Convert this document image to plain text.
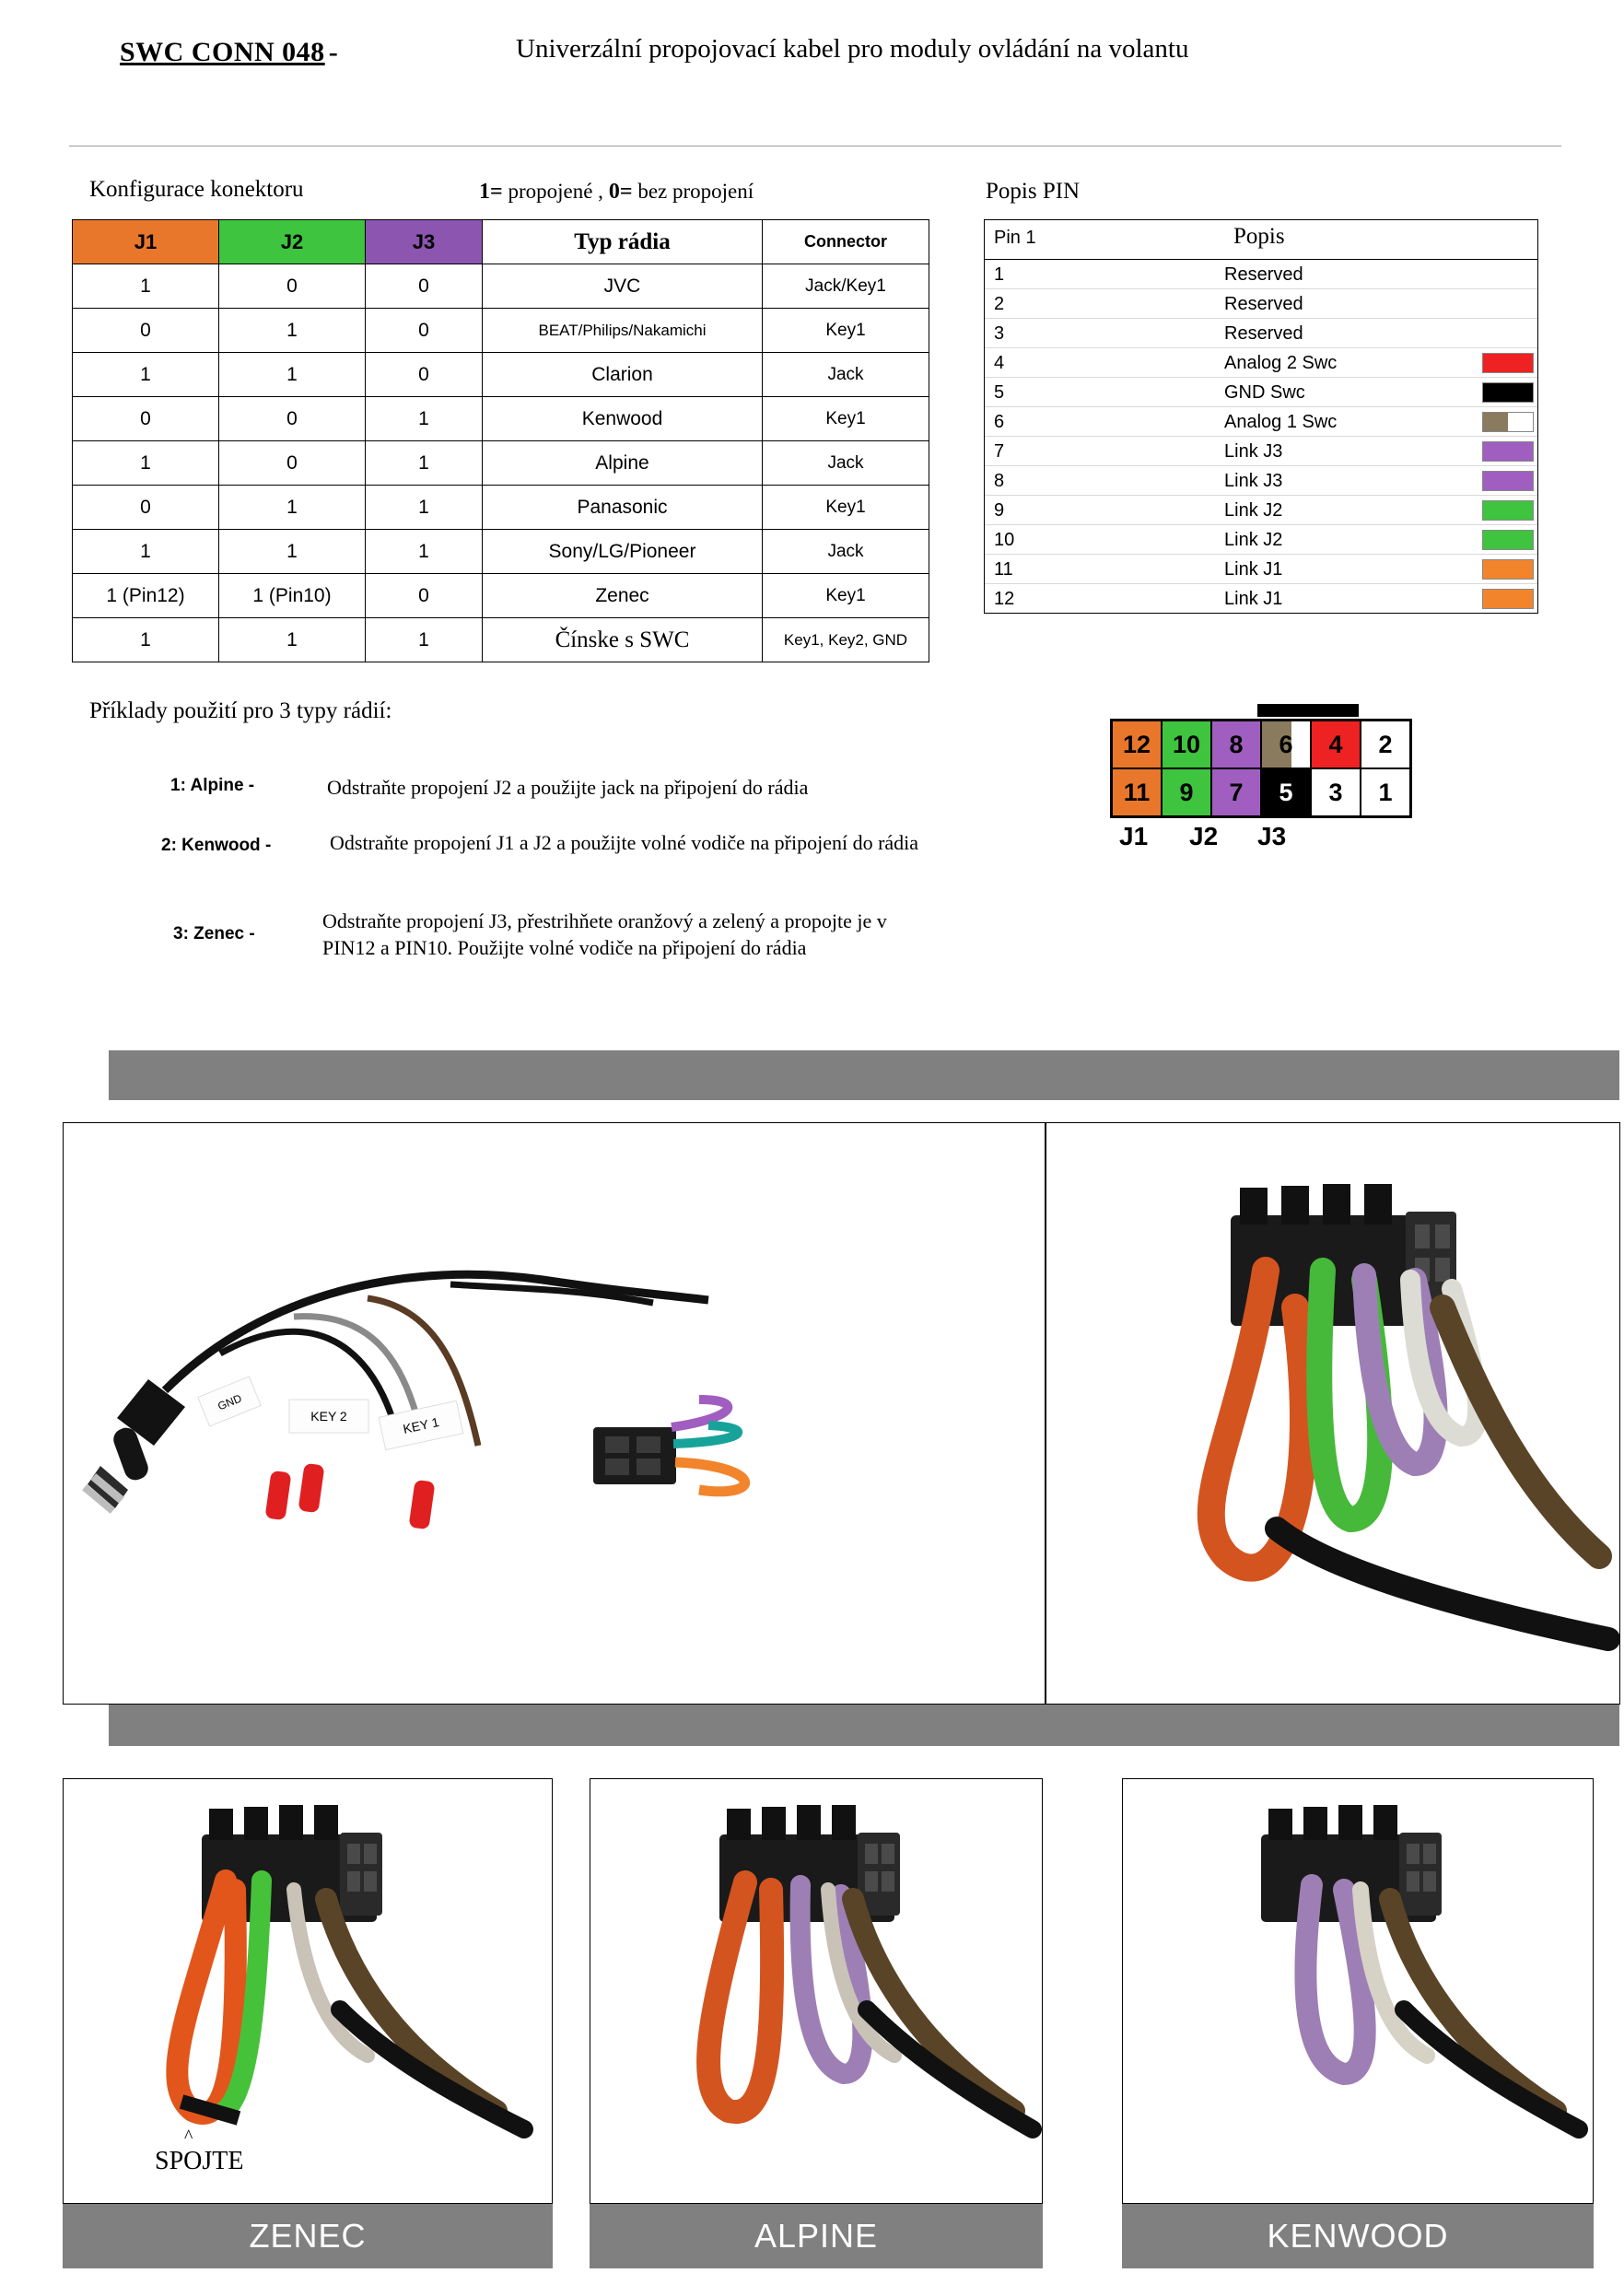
SWC CONN 048 -	Univerzální propojovací kabel pro moduly ovládání na volantu
Konfigurace konektoru	1= propojené , 0= bez propojení	Popis PIN
J1	J2	J3	Typ rádia	Connector
1	0	0	JVC	Jack/Key1
0	1	0	BEAT/Philips/Nakamichi	Key1
1	1	0	Clarion	Jack
0	0	1	Kenwood	Key1
1	0	1	Alpine	Jack
0	1	1	Panasonic	Key1
1	1	1	Sony/LG/Pioneer	Jack
1 (Pin12)	1 (Pin10)	0	Zenec	Key1
1	1	1	Čínske s SWC	Key1, Key2, GND
Pin 1	Popis
1	Reserved
2	Reserved
3	Reserved
4	Analog 2 Swc
5	GND Swc
6	Analog 1 Swc
7	Link J3
8	Link J3
9	Link J2
10	Link J2
11	Link J1
12	Link J1
Příklady použití pro 3 typy rádií:
1: Alpine -	Odstraňte propojení J2 a použijte jack na připojení do rádia
2: Kenwood -	Odstraňte propojení J1 a J2 a použijte volné vodiče na připojení do rádia
3: Zenec -
Odstraňte propojení J3, přestrihňete oranžový a zelený a propojte je v PIN12 a PIN10. Použijte volné vodiče na připojení do rádia
12 10	8	6	4	2
11	9	7	5	3	1
J1 J2 J3
GND
KEY 2	KEY 1
^
SPOJTE
ZENEC	ALPINE	KENWOOD
